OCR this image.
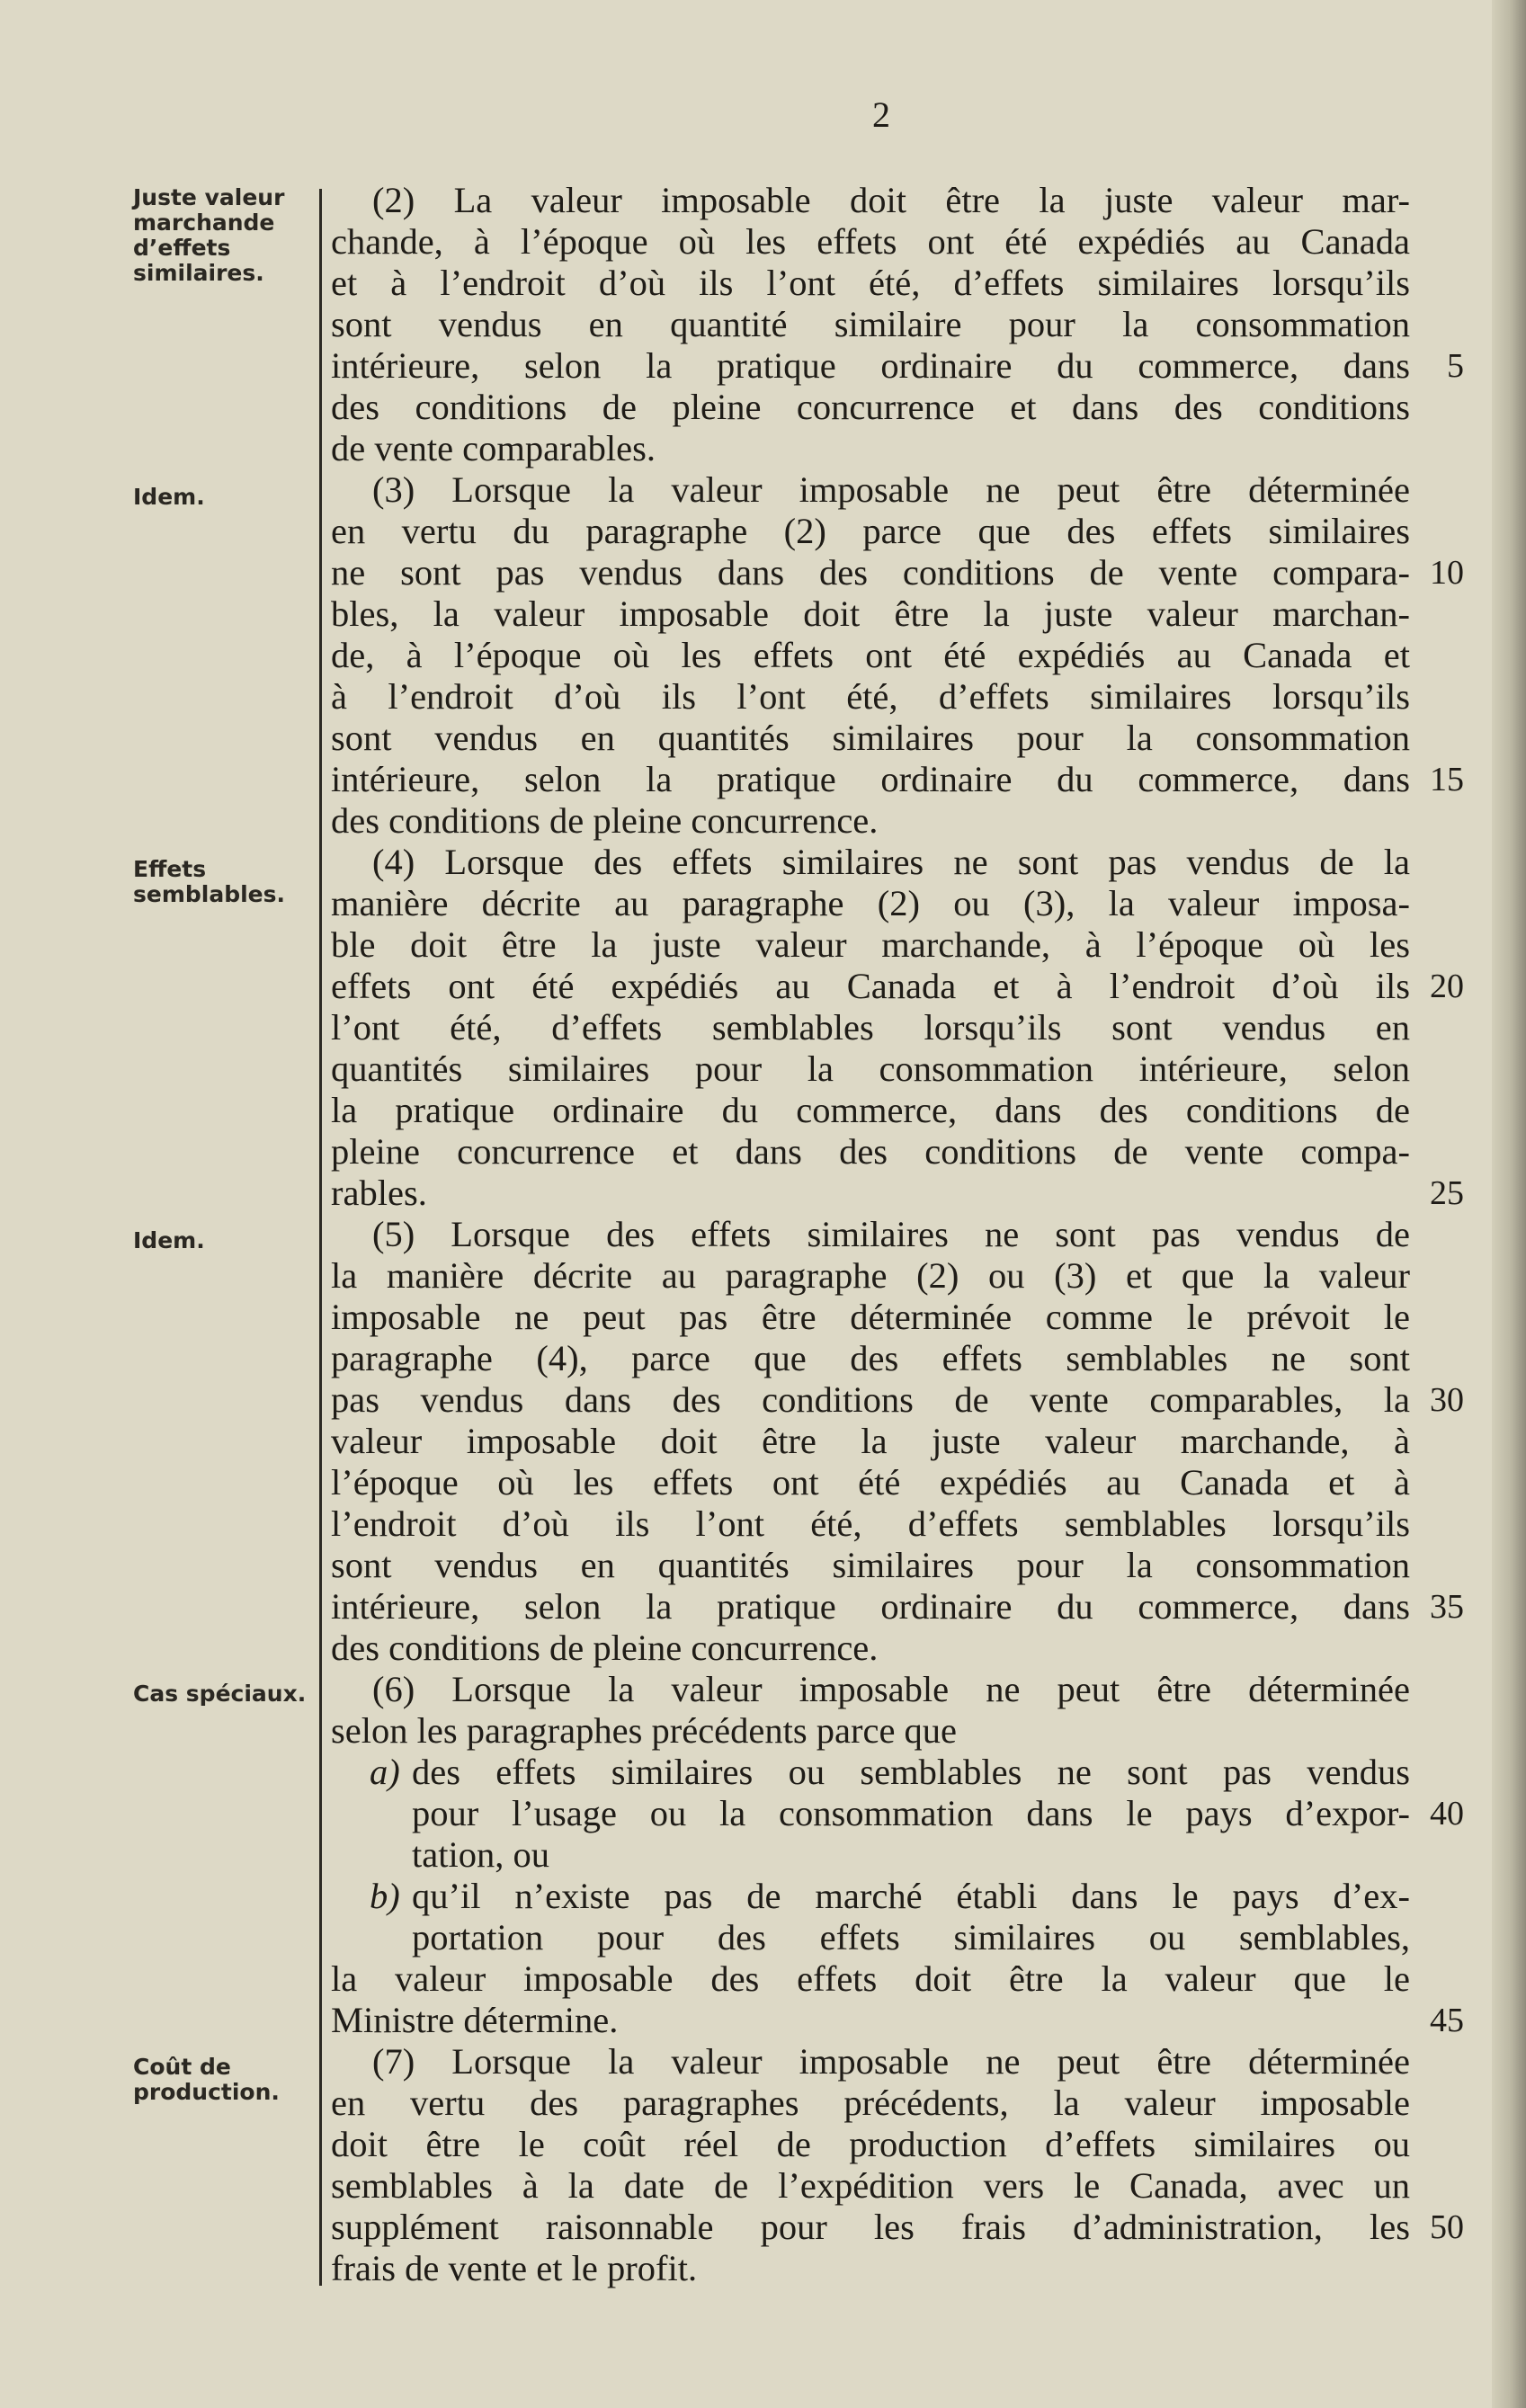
2
Juste valeur
marchande
d’effets
similaires.
Idem.
Effets
semblables.
Idem.
Cas spéciaux.
Coût de
production.
(2) La valeur imposable doit être la juste valeur mar-
chande, à l’époque où les effets ont été expédiés au Canada
et à l’endroit d’où ils l’ont été, d’effets similaires lorsqu’ils
sont vendus en quantité similaire pour la consommation
intérieure, selon la pratique ordinaire du commerce, dans
des conditions de pleine concurrence et dans des conditions
de vente comparables.
(3) Lorsque la valeur imposable ne peut être déterminée
en vertu du paragraphe (2) parce que des effets similaires
ne sont pas vendus dans des conditions de vente compara-
bles, la valeur imposable doit être la juste valeur marchan-
de, à l’époque où les effets ont été expédiés au Canada et
à l’endroit d’où ils l’ont été, d’effets similaires lorsqu’ils
sont vendus en quantités similaires pour la consommation
intérieure, selon la pratique ordinaire du commerce, dans
des conditions de pleine concurrence.
(4) Lorsque des effets similaires ne sont pas vendus de la
manière décrite au paragraphe (2) ou (3), la valeur imposa-
ble doit être la juste valeur marchande, à l’époque où les
effets ont été expédiés au Canada et à l’endroit d’où ils
l’ont été, d’effets semblables lorsqu’ils sont vendus en
quantités similaires pour la consommation intérieure, selon
la pratique ordinaire du commerce, dans des conditions de
pleine concurrence et dans des conditions de vente compa-
rables.
(5) Lorsque des effets similaires ne sont pas vendus de
la manière décrite au paragraphe (2) ou (3) et que la valeur
imposable ne peut pas être déterminée comme le prévoit le
paragraphe (4), parce que des effets semblables ne sont
pas vendus dans des conditions de vente comparables, la
valeur imposable doit être la juste valeur marchande, à
l’époque où les effets ont été expédiés au Canada et à
l’endroit d’où ils l’ont été, d’effets semblables lorsqu’ils
sont vendus en quantités similaires pour la consommation
intérieure, selon la pratique ordinaire du commerce, dans
des conditions de pleine concurrence.
(6) Lorsque la valeur imposable ne peut être déterminée
selon les paragraphes précédents parce que
a) des effets similaires ou semblables ne sont pas vendus
pour l’usage ou la consommation dans le pays d’expor-
tation, ou
b) qu’il n’existe pas de marché établi dans le pays d’ex-
portation pour des effets similaires ou semblables,
la valeur imposable des effets doit être la valeur que le
Ministre détermine.
(7) Lorsque la valeur imposable ne peut être déterminée
en vertu des paragraphes précédents, la valeur imposable
doit être le coût réel de production d’effets similaires ou
semblables à la date de l’expédition vers le Canada, avec un
supplément raisonnable pour les frais d’administration, les
frais de vente et le profit.
5
10
15
20
25
30
35
40
45
50
